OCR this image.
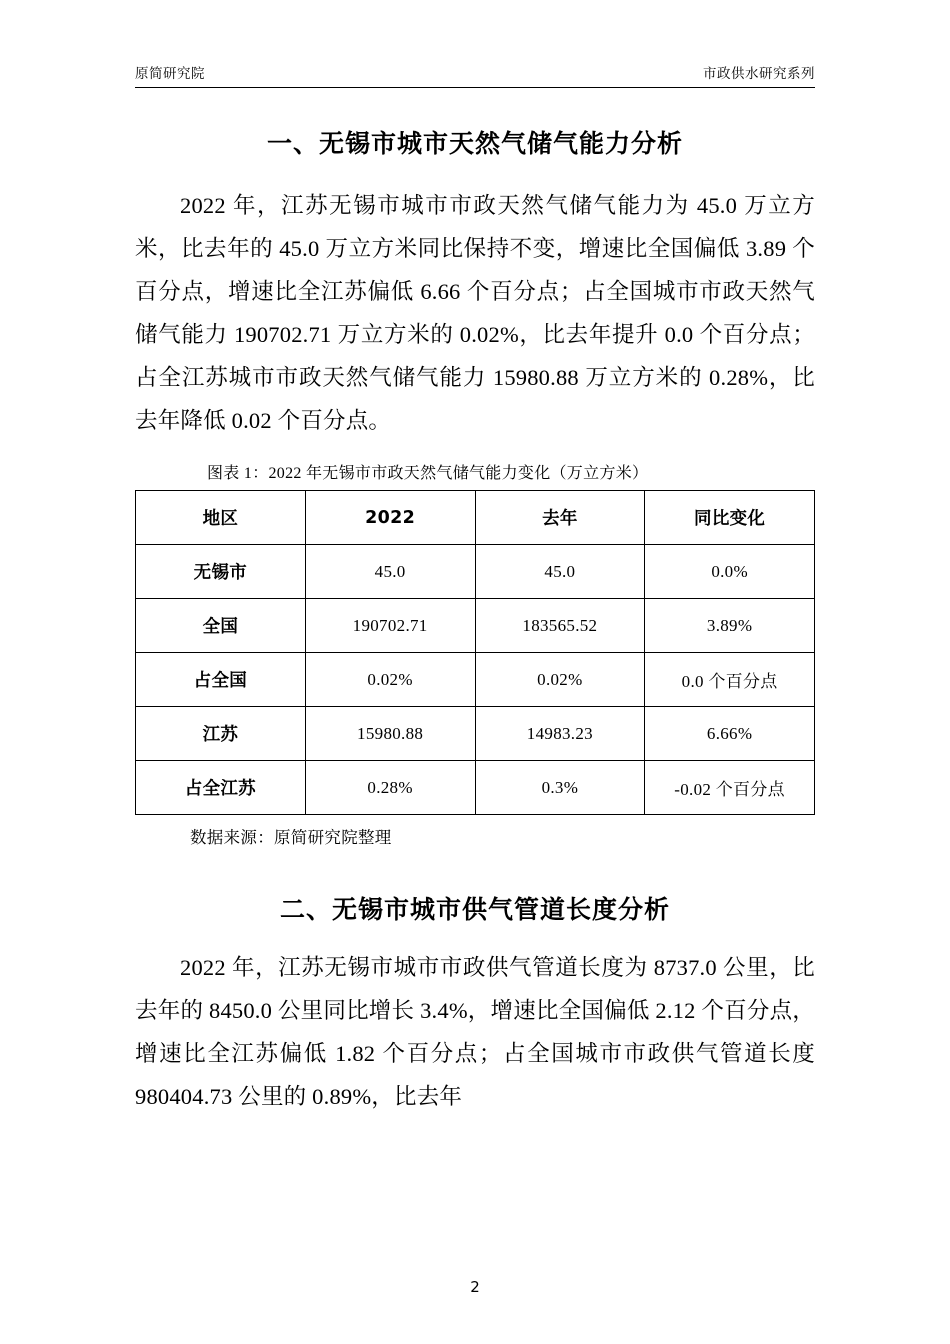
原简研究院	市政供水研究系列
一、无锡市城市天然气储气能力分析

2022 年，江苏无锡市城市市政天然气储气能力为 45.0 万立方米，比去年的 45.0 万立方米同比保持不变，增速比全国偏低 3.89 个百分点，增速比全江苏偏低 6.66 个百分点；占全国城市市政天然气储气能力 190702.71 万立方米的 0.02%，比去年提升 0.0 个百分点；占全江苏城市市政天然气储气能力 15980.88 万立方米的 0.28%，比去年降低 0.02 个百分点。

图表 1：2022 年无锡市市政天然气储气能力变化（万立方米）
地区	2022	去年	同比变化
无锡市	45.0	45.0	0.0%
全国	190702.71	183565.52	3.89%
占全国	0.02%	0.02%	0.0 个百分点
江苏	15980.88	14983.23	6.66%
占全江苏	0.28%	0.3%	-0.02 个百分点
数据来源：原简研究院整理
二、无锡市城市供气管道长度分析

2022 年，江苏无锡市城市市政供气管道长度为 8737.0 公里，比去年的 8450.0 公里同比增长 3.4%，增速比全国偏低 2.12 个百分点，增速比全江苏偏低 1.82 个百分点；占全国城市市政供气管道长度 980404.73 公里的 0.89%，比去年

2
